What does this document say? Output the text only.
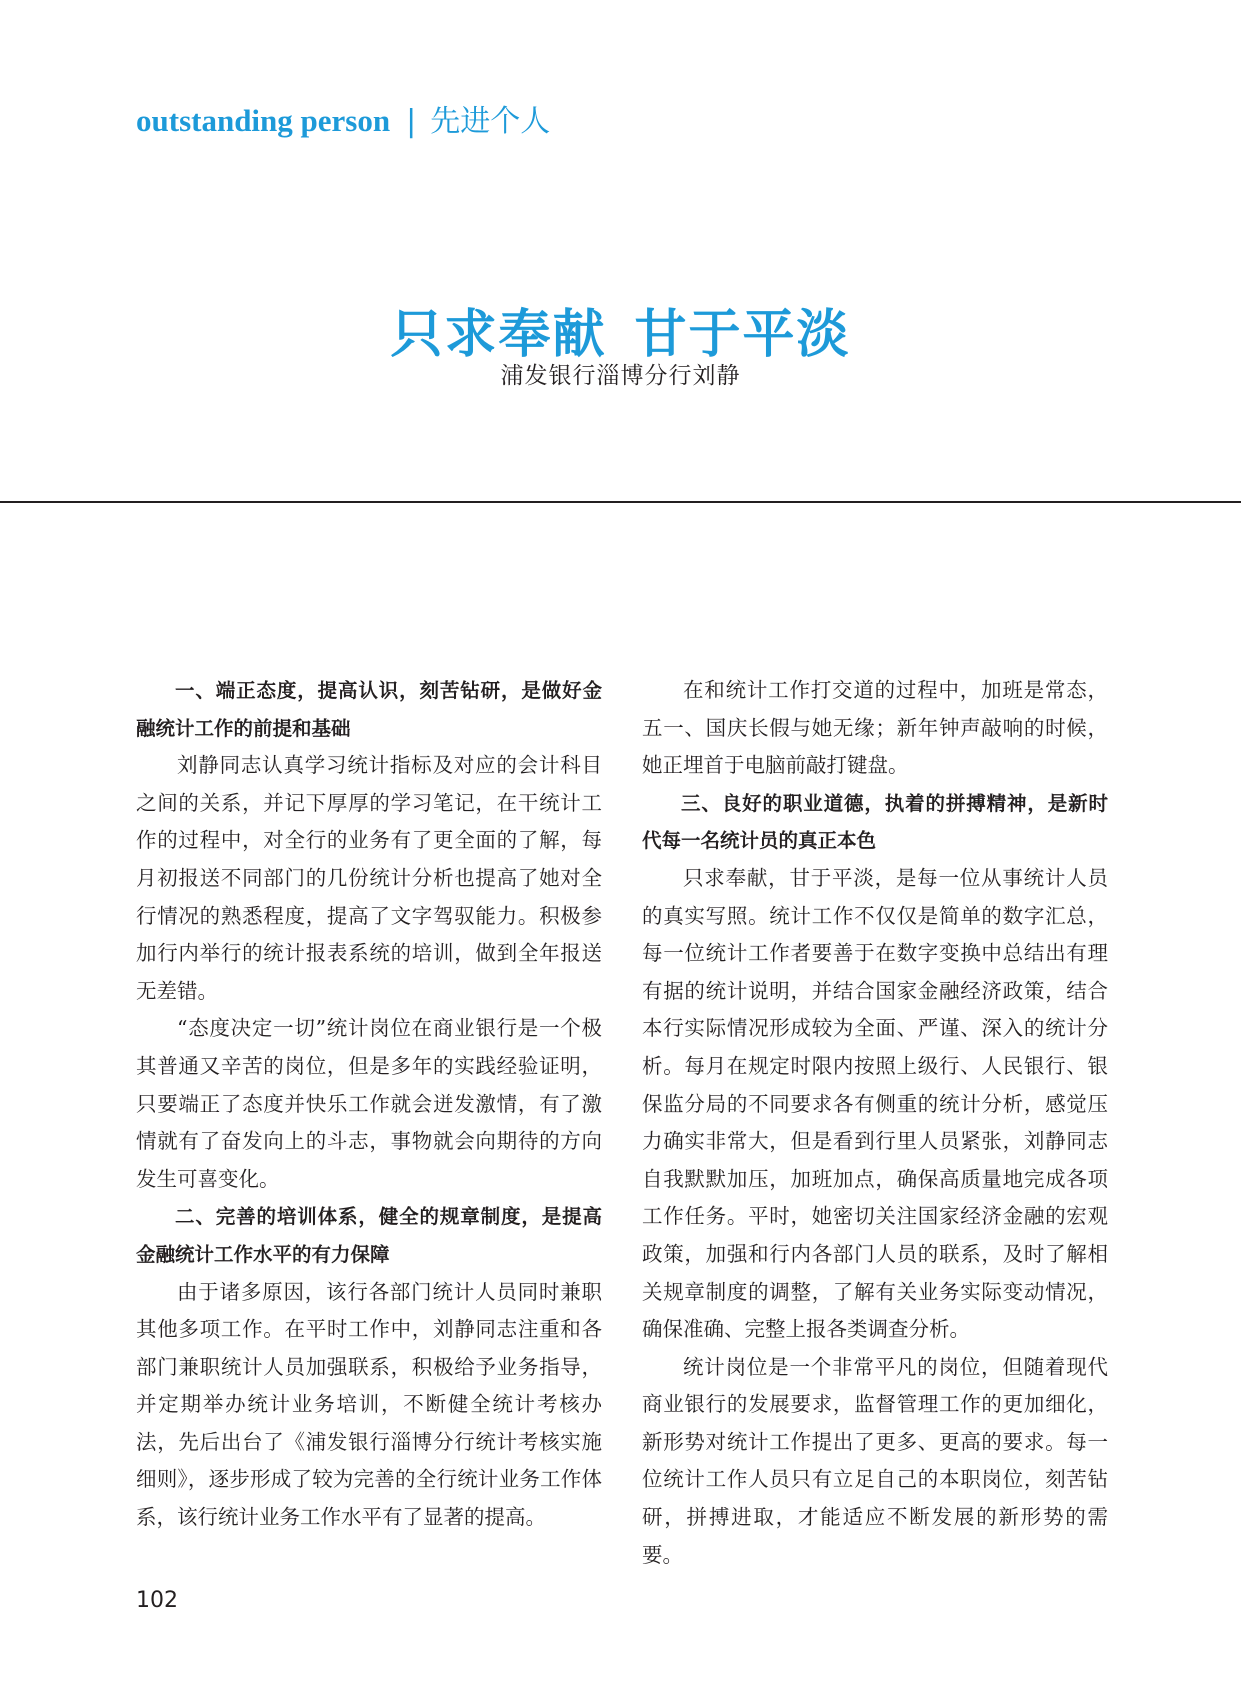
outstanding person | 先进个人
只求奉献 甘于平淡
浦发银行淄博分行刘静

一、端正态度，提高认识，刻苦钻研，是做好金融统计工作的前提和基础

刘静同志认真学习统计指标及对应的会计科目之间的关系，并记下厚厚的学习笔记，在干统计工作的过程中，对全行的业务有了更全面的了解，每月初报送不同部门的几份统计分析也提高了她对全行情况的熟悉程度，提高了文字驾驭能力。积极参加行内举行的统计报表系统的培训，做到全年报送无差错。

“态度决定一切”统计岗位在商业银行是一个极其普通又辛苦的岗位，但是多年的实践经验证明，只要端正了态度并快乐工作就会迸发激情，有了激情就有了奋发向上的斗志，事物就会向期待的方向发生可喜变化。

二、完善的培训体系，健全的规章制度，是提高金融统计工作水平的有力保障

由于诸多原因，该行各部门统计人员同时兼职其他多项工作。在平时工作中，刘静同志注重和各部门兼职统计人员加强联系，积极给予业务指导，并定期举办统计业务培训，不断健全统计考核办法，先后出台了《浦发银行淄博分行统计考核实施细则》，逐步形成了较为完善的全行统计业务工作体系，该行统计业务工作水平有了显著的提高。

在和统计工作打交道的过程中，加班是常态，五一、国庆长假与她无缘；新年钟声敲响的时候，她正埋首于电脑前敲打键盘。

三、良好的职业道德，执着的拼搏精神，是新时代每一名统计员的真正本色

只求奉献，甘于平淡，是每一位从事统计人员的真实写照。统计工作不仅仅是简单的数字汇总，每一位统计工作者要善于在数字变换中总结出有理有据的统计说明，并结合国家金融经济政策，结合本行实际情况形成较为全面、严谨、深入的统计分析。每月在规定时限内按照上级行、人民银行、银保监分局的不同要求各有侧重的统计分析，感觉压力确实非常大，但是看到行里人员紧张，刘静同志自我默默加压，加班加点，确保高质量地完成各项工作任务。平时，她密切关注国家经济金融的宏观政策，加强和行内各部门人员的联系，及时了解相关规章制度的调整，了解有关业务实际变动情况，确保准确、完整上报各类调查分析。

统计岗位是一个非常平凡的岗位，但随着现代商业银行的发展要求，监督管理工作的更加细化，新形势对统计工作提出了更多、更高的要求。每一位统计工作人员只有立足自己的本职岗位，刻苦钻研，拼搏进取，才能适应不断发展的新形势的需要。

102
